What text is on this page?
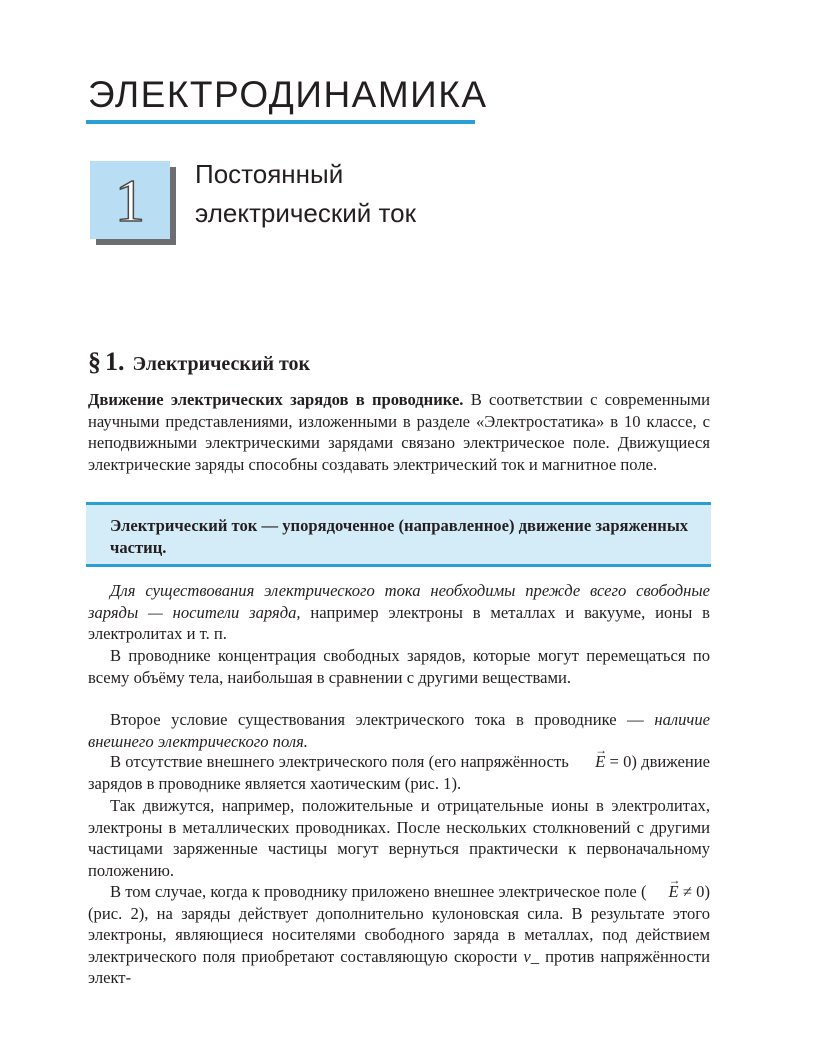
ЭЛЕКТРОДИНАМИКА
1 Постоянный
электрический ток
§ 1. Электрический ток

Движение электрических зарядов в проводнике. В соответствии с современными научными представлениями, изложенными в разделе «Электростатика» в 10 классе, с неподвижными электрическими зарядами связано электрическое поле. Движущиеся электрические заряды способны создавать электрический ток и магнитное поле.

Электрический ток — упорядоченное (направленное) движение заряженных частиц.

Для существования электрического тока необходимы прежде всего свободные заряды — носители заряда, например электроны в металлах и вакууме, ионы в электролитах и т. п.

В проводнике концентрация свободных зарядов, которые могут перемещаться по всему объёму тела, наибольшая в сравнении с другими веществами.

Второе условие существования электрического тока в проводнике — наличие внешнего электрического поля.

В отсутствие внешнего электрического поля (его напряжённость → E = 0) движение зарядов в проводнике является хаотическим (рис. 1).

Так движутся, например, положительные и отрицательные ионы в электролитах, электроны в металлических проводниках. После нескольких столкновений с другими частицами заряженные частицы могут вернуться практически к первоначальному положению.

В том случае, когда к проводнику приложено внешнее электрическое поле ( → E ≠ 0) (рис. 2), на заряды действует дополнительно кулоновская сила. В результате этого электроны, являющиеся носителями свободного заряда в металлах, под действием электрического поля приобретают составляющую скорости v_ против напряжённости элект-
